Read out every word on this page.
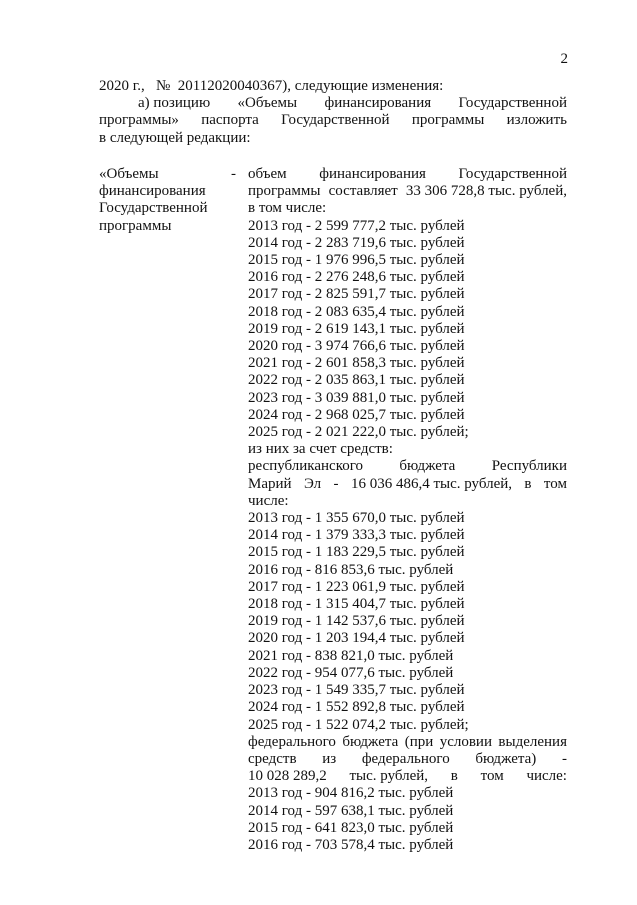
2
2020 г., № 20112020040367), следующие изменения:
а) позицию «Объемы финансирования Государственной
программы» паспорта Государственной программы изложить
в следующей редакции:
«Объемы
финансирования
Государственной
программы
- объем финансирования Государственной
программы составляет 33 306 728,8 тыс. рублей,
в том числе:
2013 год - 2 599 777,2 тыс. рублей
2014 год - 2 283 719,6 тыс. рублей
2015 год - 1 976 996,5 тыс. рублей
2016 год - 2 276 248,6 тыс. рублей
2017 год - 2 825 591,7 тыс. рублей
2018 год - 2 083 635,4 тыс. рублей
2019 год - 2 619 143,1 тыс. рублей
2020 год - 3 974 766,6 тыс. рублей
2021 год - 2 601 858,3 тыс. рублей
2022 год - 2 035 863,1 тыс. рублей
2023 год - 3 039 881,0 тыс. рублей
2024 год - 2 968 025,7 тыс. рублей
2025 год - 2 021 222,0 тыс. рублей;
из них за счет средств:
республиканского бюджета Республики
Марий Эл - 16 036 486,4 тыс. рублей, в том
числе:
2013 год - 1 355 670,0 тыс. рублей
2014 год - 1 379 333,3 тыс. рублей
2015 год - 1 183 229,5 тыс. рублей
2016 год - 816 853,6 тыс. рублей
2017 год - 1 223 061,9 тыс. рублей
2018 год - 1 315 404,7 тыс. рублей
2019 год - 1 142 537,6 тыс. рублей
2020 год - 1 203 194,4 тыс. рублей
2021 год - 838 821,0 тыс. рублей
2022 год - 954 077,6 тыс. рублей
2023 год - 1 549 335,7 тыс. рублей
2024 год - 1 552 892,8 тыс. рублей
2025 год - 1 522 074,2 тыс. рублей;
федерального бюджета (при условии выделения
средств из федерального бюджета) -
10 028 289,2 тыс. рублей, в том числе:
2013 год - 904 816,2 тыс. рублей
2014 год - 597 638,1 тыс. рублей
2015 год - 641 823,0 тыс. рублей
2016 год - 703 578,4 тыс. рублей
